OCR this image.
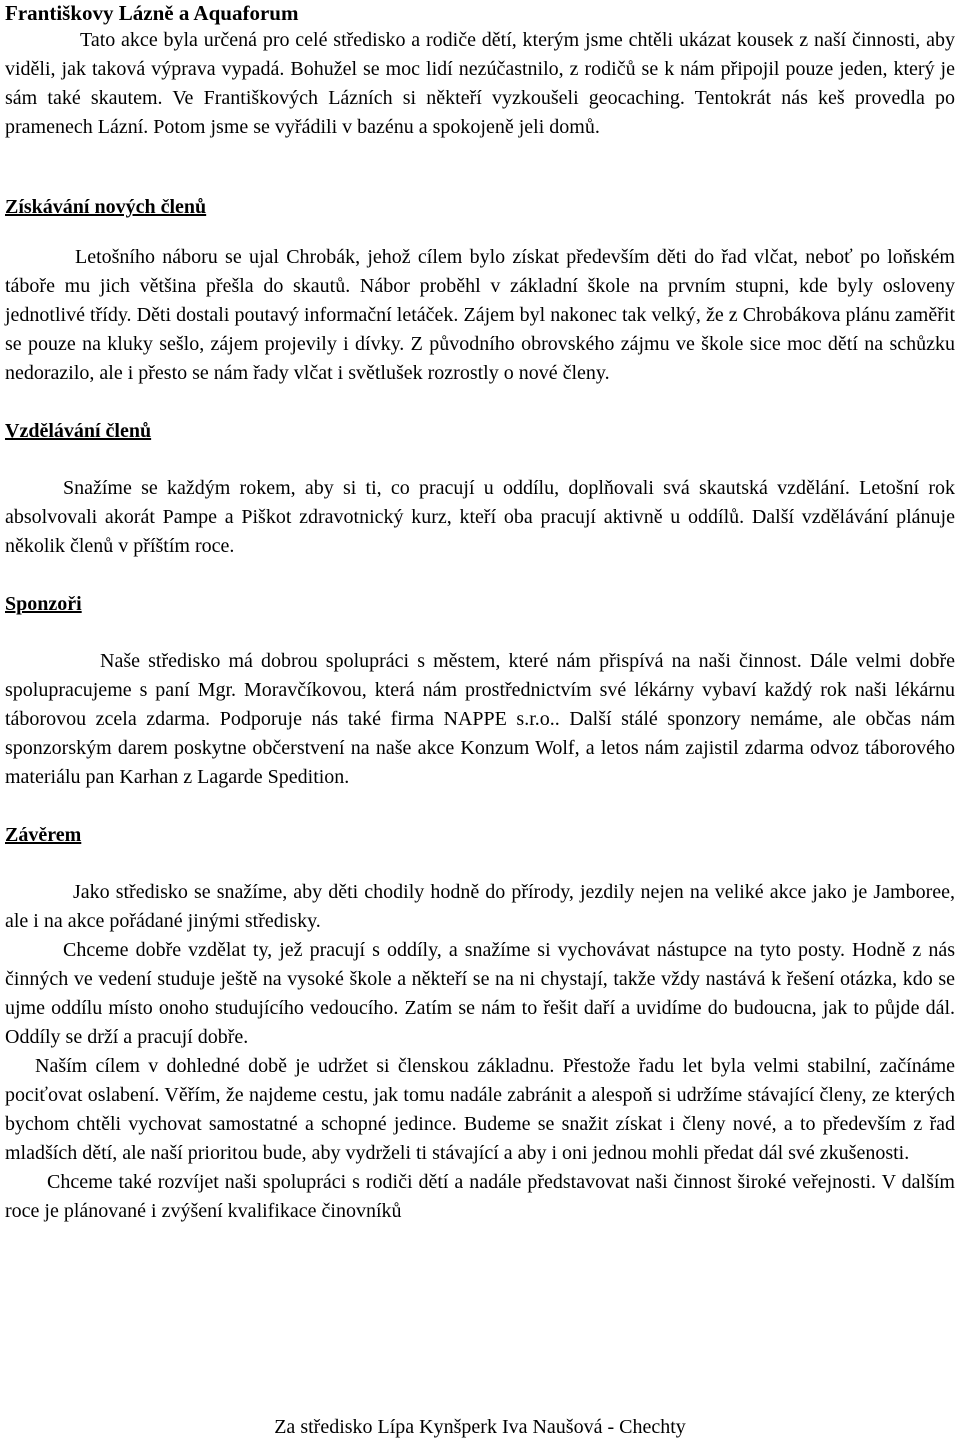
Františkovy Lázně a Aquaforum

Tato akce byla určená pro celé středisko a rodiče dětí, kterým jsme chtěli ukázat kousek z naší činnosti, aby viděli, jak taková výprava vypadá. Bohužel se moc lidí nezúčastnilo, z rodičů se k nám připojil pouze jeden, který je sám také skautem. Ve Františkových Lázních si někteří vyzkoušeli geocaching. Tentokrát nás keš provedla po pramenech Lázní. Potom jsme se vyřádili v bazénu a spokojeně jeli domů.

Získávání nových členů

Letošního náboru se ujal Chrobák, jehož cílem bylo získat především děti do řad vlčat, neboť po loňském táboře mu jich většina přešla do skautů. Nábor proběhl v základní škole na prvním stupni, kde byly osloveny jednotlivé třídy. Děti dostali poutavý informační letáček. Zájem byl nakonec tak velký, že z Chrobákova plánu zaměřit se pouze na kluky sešlo, zájem projevily i dívky. Z původního obrovského zájmu ve škole sice moc dětí na schůzku nedorazilo, ale i přesto se nám řady vlčat i světlušek rozrostly o nové členy.

Vzdělávání členů

Snažíme se každým rokem, aby si ti, co pracují u oddílu, doplňovali svá skautská vzdělání. Letošní rok absolvovali akorát Pampe a Piškot zdravotnický kurz, kteří oba pracují aktivně u oddílů. Další vzdělávání plánuje několik členů v příštím roce.

Sponzoři

Naše středisko má dobrou spolupráci s městem, které nám přispívá na naši činnost. Dále velmi dobře spolupracujeme s paní Mgr. Moravčíkovou, která nám prostřednictvím své lékárny vybaví každý rok naši lékárnu táborovou zcela zdarma. Podporuje nás také firma NAPPE s.r.o.. Další stálé sponzory nemáme, ale občas nám sponzorským darem poskytne občerstvení na naše akce Konzum Wolf, a letos nám zajistil zdarma odvoz táborového materiálu pan Karhan z Lagarde Spedition.

Závěrem

Jako středisko se snažíme, aby děti chodily hodně do přírody, jezdily nejen na veliké akce jako je Jamboree, ale i na akce pořádané jinými středisky.

Chceme dobře vzdělat ty, jež pracují s oddíly, a snažíme si vychovávat nástupce na tyto posty. Hodně z nás činných ve vedení studuje ještě na vysoké škole a někteří se na ni chystají, takže vždy nastává k řešení otázka, kdo se ujme oddílu místo onoho studujícího vedoucího. Zatím se nám to řešit daří a uvidíme do budoucna, jak to půjde dál. Oddíly se drží a pracují dobře.

Naším cílem v dohledné době je udržet si členskou základnu. Přestože řadu let byla velmi stabilní, začínáme pociťovat oslabení. Věřím, že najdeme cestu, jak tomu nadále zabránit a alespoň si udržíme stávající členy, ze kterých bychom chtěli vychovat samostatné a schopné jedince. Budeme se snažit získat i členy nové, a to především z řad mladších dětí, ale naší prioritou bude, aby vydrželi ti stávající a aby i oni jednou mohli předat dál své zkušenosti.

Chceme také rozvíjet naši spolupráci s rodiči dětí a nadále představovat naši činnost široké veřejnosti. V dalším roce je plánované i zvýšení kvalifikace činovníků

Za středisko Lípa Kynšperk Iva Naušová - Chechty
